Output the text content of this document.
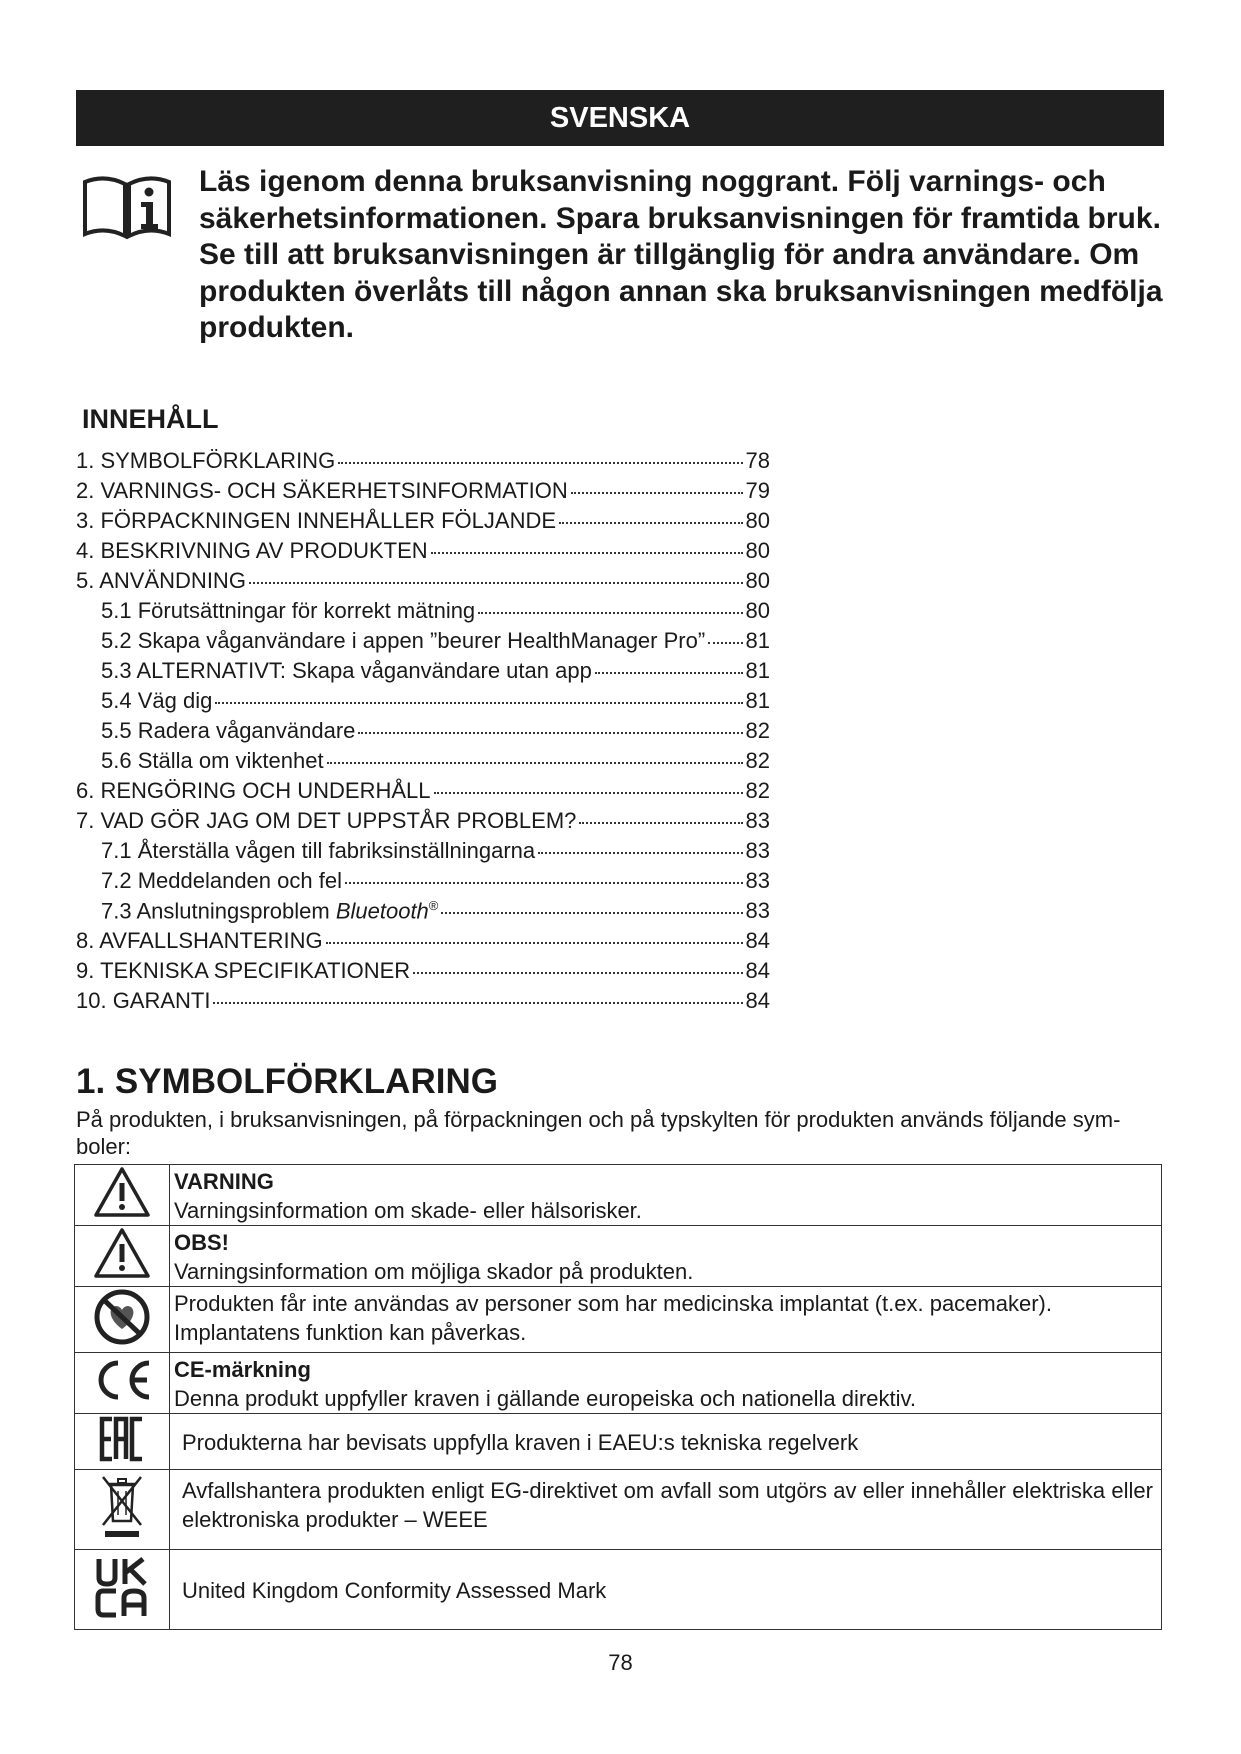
SVENSKA

Läs igenom denna bruksanvisning noggrant. Följ varnings- och säkerhetsinformationen. Spara bruksanvisningen för framtida bruk. Se till att bruksanvisningen är tillgänglig för andra användare. Om produkten överlåts till någon annan ska bruksanvisningen medfölja produkten.

INNEHÅLL
1. SYMBOLFÖRKLARING	78
2. VARNINGS- OCH SÄKERHETSINFORMATION	79
3. FÖRPACKNINGEN INNEHÅLLER FÖLJANDE	80
4. BESKRIVNING AV PRODUKTEN	80
5. ANVÄNDNING	80
5.1 Förutsättningar för korrekt mätning	80
5.2 Skapa våganvändare i appen ”beurer HealthManager Pro” 81
5.3 ALTERNATIVT: Skapa våganvändare utan app	81
5.4 Väg dig	81
5.5 Radera våganvändare	82
5.6 Ställa om viktenhet	82
6. RENGÖRING OCH UNDERHÅLL	82
7. VAD GÖR JAG OM DET UPPSTÅR PROBLEM?	83
7.1 Återställa vågen till fabriksinställningarna	83
7.2 Meddelanden och fel	83
7.3 Anslutningsproblem Bluetooth®	83
8. AVFALLSHANTERING	84
9. TEKNISKA SPECIFIKATIONER	84
10. GARANTI	84
1. SYMBOLFÖRKLARING

På produkten, i bruksanvisningen, på förpackningen och på typskylten för produkten används följande sym-boler:

	VARNING
Varningsinformation om skade- eller hälsorisker.
	OBS!
Varningsinformation om möjliga skador på produkten.
	Produkten får inte användas av personer som har medicinska implantat (t.ex. pacemaker). Implantatens funktion kan påverkas.
	CE-märkning
Denna produkt uppfyller kraven i gällande europeiska och nationella direktiv.
	Produkterna har bevisats uppfylla kraven i EAEU:s tekniska regelverk
	Avfallshantera produkten enligt EG-direktivet om avfall som utgörs av eller innehåller elektriska eller elektroniska produkter – WEEE
	United Kingdom Conformity Assessed Mark
78
